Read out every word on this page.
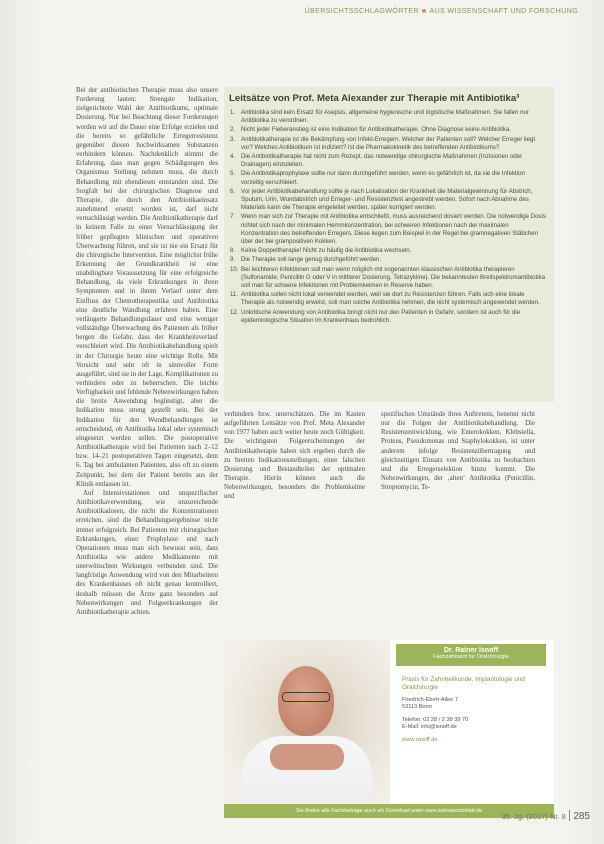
ÜBERSICHTSSCHLAGWÖRTER ■ AUS WISSENSCHAFT UND FORSCHUNG

Bei der antibiotischen Therapie muss also unsere Forderung lauten: Strengste Indikation, zielgerichtete Wahl der Antibiotikums, optimale Dosierung. Nur bei Beachtung dieser Forderungen werden wir auf die Dauer eine Erfolge erzielen und die bereits so gefährliche Erregerresistenz gegenüber diesen hochwirksamen Substanzen verhindern können. Nachdenklich stimmt die Erfahrung, dass man gegen Schädigungen des Organismus Stellung nehmen muss, die durch Behandlung mit ebendiesen entstanden sind. Die Sorgfalt bei der chirurgischen Diagnose und Therapie, die durch den Antibiotikaeinsatz zunehmend ersetzt worden ist, darf nicht vernachlässigt werden. Die Antibiotikatherapie darf in keinem Falle zu einer Vernachlässigung der früher gepflegten klinischen und operativen Überwachung führen, und sie ist nie ein Ersatz für die chirurgische Intervention. Eine möglichst frühe Erkennung der Grundkrankheit ist eine unabdingbare Voraussetzung für eine erfolgreiche Behandlung, da viele Erkrankungen in ihren Symptomen und in ihrem Verlauf unter dem Einfluss der Chemotherapeutika und Antibiotika eine deutliche Wandlung erfahren haben. Eine verlängerte Behandlungsdauer und eine weniger vollständige Überwachung des Patienten als früher bergen die Gefahr, dass der Krankheitsverlauf verschleiert wird. Die Antibiotikabehandlung spielt in der Chirurgie heute eine wichtige Rolle. Mit Vorsicht und sehr oft in sinnvoller Form ausgeführt, sind sie in der Lage, Komplikationen zu verhindern oder zu beherrschen. Die leichte Verfügbarkeit und fehlende Nebenwirkungen haben die breite Anwendung begünstigt, aber die Indikation muss streng gestellt sein. Bei der Indikation für den Wundbehandlungen ist entscheidend, ob Antibiotika lokal oder systemisch eingesetzt werden sollen. Die postoperative Antibiotikatherapie wird bei Patienten nach 2–12 bzw. 14–21 postoperativen Tagen eingesetzt, dem 6. Tag bei ambulanten Patienten, also oft zu einem Zeitpunkt, bei dem der Patient bereits aus der Klinik entlassen ist.

Auf Intensivstationen und unspezifischer Antibiotikaverwendung, wie unzureichende Antibiotikadosen, die nicht die Konzentrationen erreichen, sind die Behandlungsergebnisse nicht immer erfolgreich. Bei Patienten mit chirurgischen Erkrankungen, einer Prophylaxe und nach Operationen muss man sich bewusst sein, dass Antibiotika wie andere Medikamente mit unerwünschten Wirkungen verbunden sind. Die langfristige Anwendung wird von den Mitarbeitern des Krankenhauses oft nicht genau kontrolliert, deshalb müssen die Ärzte ganz besonders auf Nebenwirkungen und Folgeerkrankungen der Antibiotikatherapie achten.

Leitsätze von Prof. Meta Alexander zur Therapie mit Antibiotika³
1. Antibiotika sind kein Ersatz für Asepsis, allgemeine hygienische und logistische Maßnahmen. Sie fallen nur Antibiotika zu verordnen.
2. Nicht jeder Fieberanstieg ist eine Indikation für Antibiotikatherapie. Ohne Diagnose keine Antibiotika.
3. Antibiotikatherapie ist die Bekämpfung von Infekt-Erregern. Welcher der Patienten soll? Welcher Erreger liegt vor? Welches Antibiotikum ist indiziert? Ist die Pharmakokinetik des betreffenden Antibiotikums?
4. Die Antibiotikatherapie hat nicht zum Rezept, das notwendige chirurgische Maßnahmen (Inzisionen oder Drainagen) einzuleiten.
5. Die Antibiotikaprophylaxe sollte nur dann durchgeführt werden, wenn es gefährlich ist, da sie die Infektion vorzeitig verschleiert.
6. Vor jeder Antibiotikabehandlung sollte je nach Lokalisation der Krankheit die Materialgewinnung für Abstrich, Sputum, Urin, Wundabstrich und Erreger- und Resistenztest angestrebt werden. Sofort nach Abnahme des Materials kann die Therapie eingeleitet werden, später korrigiert werden.
7. Wenn man sich zur Therapie mit Antibiotika entschließt, muss ausreichend dosiert werden. Die notwendige Dosis richtet sich nach der minimalen Hemmkonzentration, bei schweren Infektionen nach der maximalen Konzentration des betreffenden Erregers. Diese liegen zum Beispiel in der Regel bei gramnegativen Stäbchen über der bei grampositiven Kokken.
8. Keine Doppeltherapie! Nicht zu häufig die Antibiotika wechseln.
9. Die Therapie soll lange genug durchgeführt werden.
10. Bei leichteren Infektionen soll man wenn möglich mit sogenannten klassischen Antibiotika therapieren (Sulfonamide, Penicillin G oder V in mittlerer Dosierung, Tetrazykline). Die bekanntesten Breitspektrumantibiotika soll man für schwere Infektionen mit Problemkeimen in Reserve haben.
11. Antibiotika sollen nicht lokal verwendet werden, weil sie dort zu Resistenzen führen. Falls sich eine lokale Therapie als notwendig erweist, soll man solche Antibiotika nehmen, die nicht systemisch angewendet werden.
12. Unkritische Anwendung von Antibiotika bringt nicht nur den Patienten in Gefahr, sondern ist auch für die epidemiologische Situation im Krankenhaus bedrohlich.

verhindern bzw. unterschätzen. Die im Kasten aufgeführten Leitsätze von Prof. Meta Alexander von 1977 haben auch weiter heute noch Gültigkeit. Die wichtigsten Folgeerscheinungen der Antibiotikatherapie haben sich ergeben durch die zu breiten Indikationsstellungen, einer falschen Dosierung und Bestandteilen der optimalen Therapie. Hierin können auch die Nebenwirkungen, besonders die Problemkeime und

spezifischen Umstände ihres Auftretens, benennt nicht nur die Folgen der Antibiotikabehandlung. Die Resistenzentwicklung, wie Enterokokken, Klebsiella, Proteus, Pseudomonas und Staphylokokken, ist unter anderem infolge Resistenzübertragung und gleichzeitigen Einsatz von Antibiotika zu beobachten und die Erregerselektion hinzu kommt. Die Nebenwirkungen, der ‚alten‘ Antibiotika (Penicillin, Streptomycin, Te-

Dr. Rainer Isnoff
Fachzahnarzt für Oralchirurgie
Praxis für Zahnheilkunde, Implantologie und Oralchirurgie
Friedrich-Ebert-Allee 7
53113 Bonn
Telefon: 02 28 / 2 38 39 70
E-Mail: info@isnoff.de
www.isnoff.de
Sie finden alle Fachbeiträge auch als Download unter www.zahnaerzteblatt.de
35. Jg. (2017) Nr. 8 285
